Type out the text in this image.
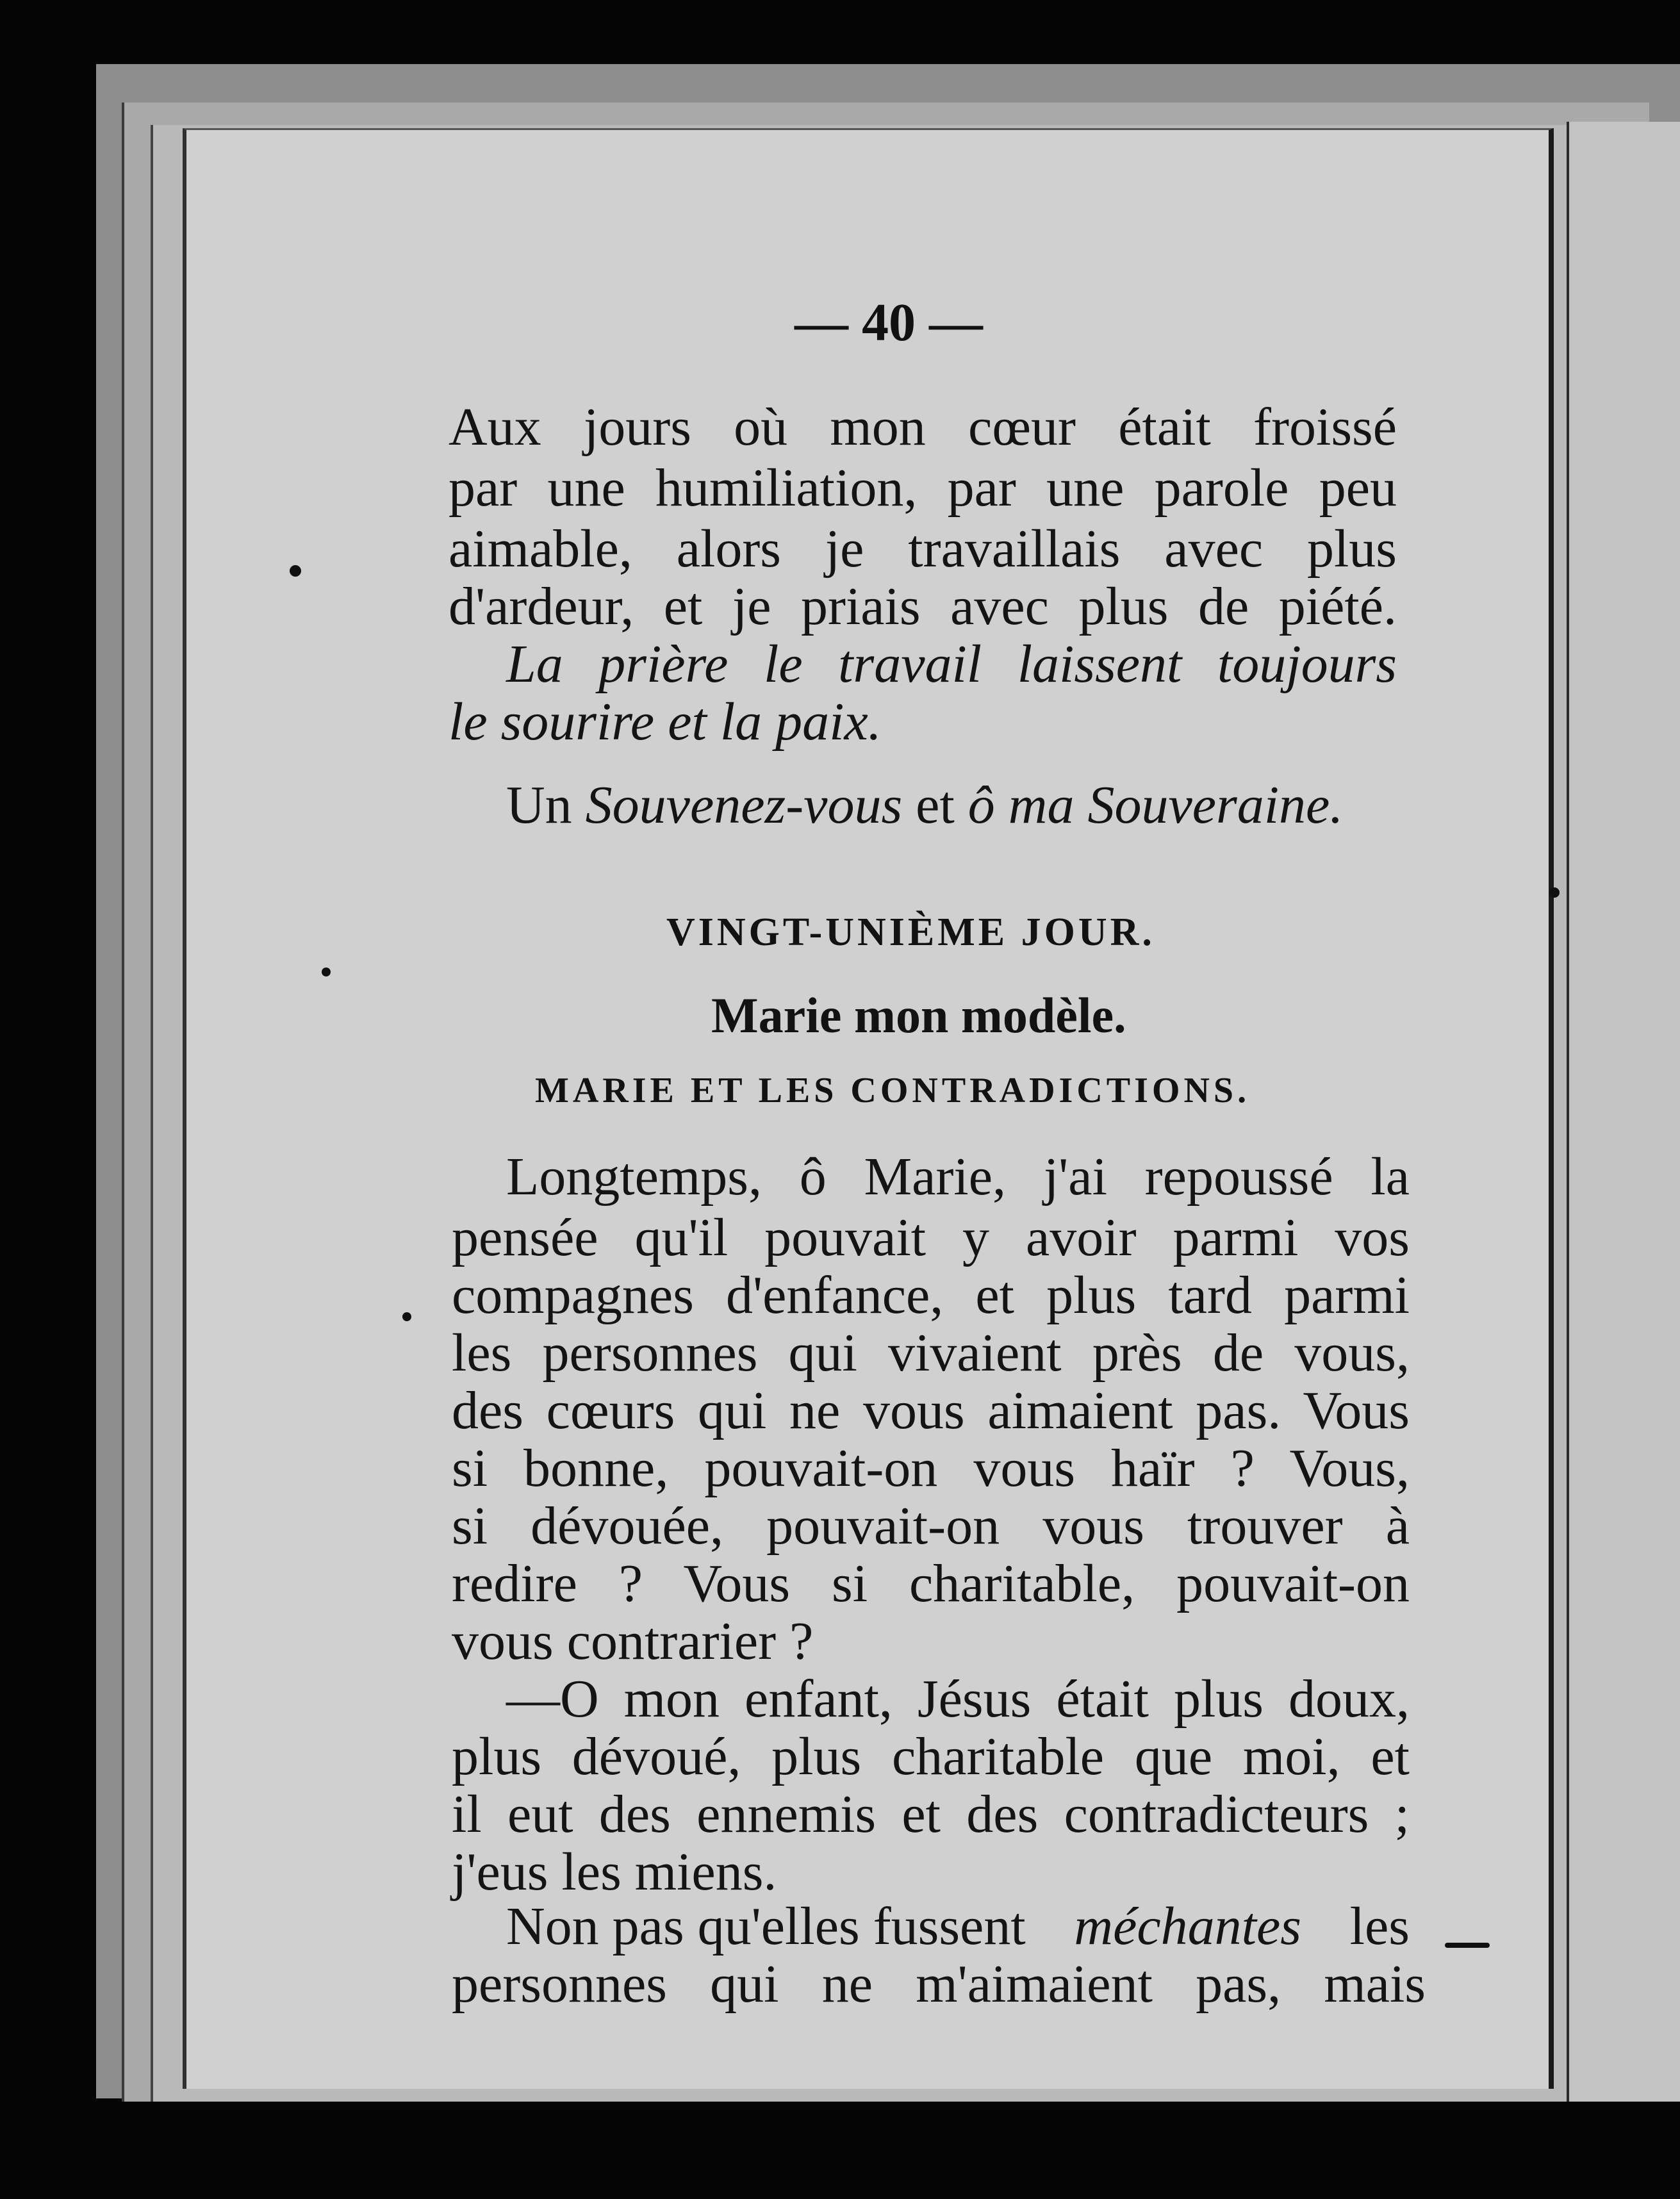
— 40 —
Aux jours où mon cœur était froissé
par une humiliation, par une parole peu
aimable, alors je travaillais avec plus
d'ardeur, et je priais avec plus de piété.
La prière le travail laissent toujours
le sourire et la paix.
Un Souvenez-vous et ô ma Souveraine.
VINGT-UNIÈME JOUR.
Marie mon modèle.
MARIE ET LES CONTRADICTIONS.
Longtemps, ô Marie, j'ai repoussé la
pensée qu'il pouvait y avoir parmi vos
compagnes d'enfance, et plus tard parmi
les personnes qui vivaient près de vous,
des cœurs qui ne vous aimaient pas. Vous
si bonne, pouvait-on vous haïr ? Vous,
si dévouée, pouvait-on vous trouver à
redire ? Vous si charitable, pouvait-on
vous contrarier ?
—O mon enfant, Jésus était plus doux,
plus dévoué, plus charitable que moi, et
il eut des ennemis et des contradicteurs ;
j'eus les miens.
Non pas qu'elles fussent méchantes les
personnes qui ne m'aimaient pas, mais
